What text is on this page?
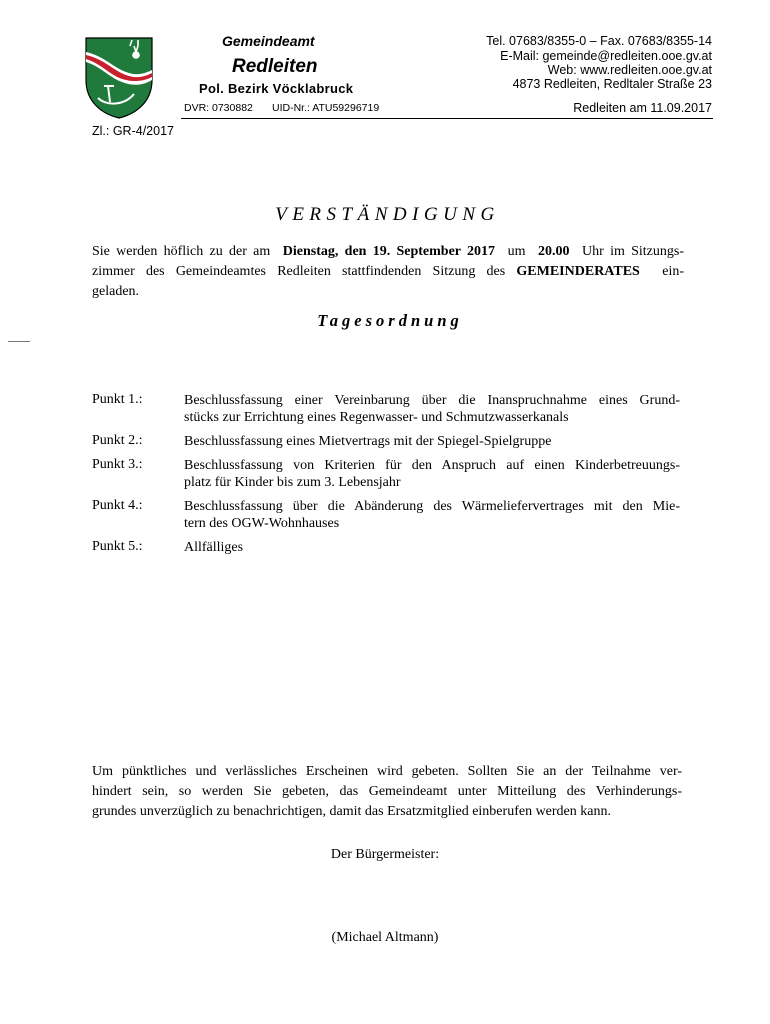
Gemeindeamt
Redleiten
Pol. Bezirk Vöcklabruck
DVR: 0730882 UID-Nr.: ATU59296719
Tel. 07683/8355-0 – Fax. 07683/8355-14
E-Mail: gemeinde@redleiten.ooe.gv.at
Web: www.redleiten.ooe.gv.at
4873 Redleiten, Redltaler Straße 23
Redleiten am 11.09.2017
Zl.: GR-4/2017
VERSTÄNDIGUNG
Sie werden höflich zu der am Dienstag, den 19. September 2017 um 20.00 Uhr im Sitzungs-
zimmer des Gemeindeamtes Redleiten stattfindenden Sitzung des GEMEINDERATES ein-
geladen.
Tagesordnung
Punkt 1.:	Beschlussfassung einer Vereinbarung über die Inanspruchnahme eines Grund-
stücks zur Errichtung eines Regenwasser- und Schmutzwasserkanals
Punkt 2.:	Beschlussfassung eines Mietvertrags mit der Spiegel-Spielgruppe
Punkt 3.:	Beschlussfassung von Kriterien für den Anspruch auf einen Kinderbetreuungs-
platz für Kinder bis zum 3. Lebensjahr
Punkt 4.:	Beschlussfassung über die Abänderung des Wärmeliefervertrages mit den Mie-
tern des OGW-Wohnhauses
Punkt 5.:	Allfälliges
Um pünktliches und verlässliches Erscheinen wird gebeten. Sollten Sie an der Teilnahme ver-
hindert sein, so werden Sie gebeten, das Gemeindeamt unter Mitteilung des Verhinderungs-
grundes unverzüglich zu benachrichtigen, damit das Ersatzmitglied einberufen werden kann.
Der Bürgermeister:
(Michael Altmann)
